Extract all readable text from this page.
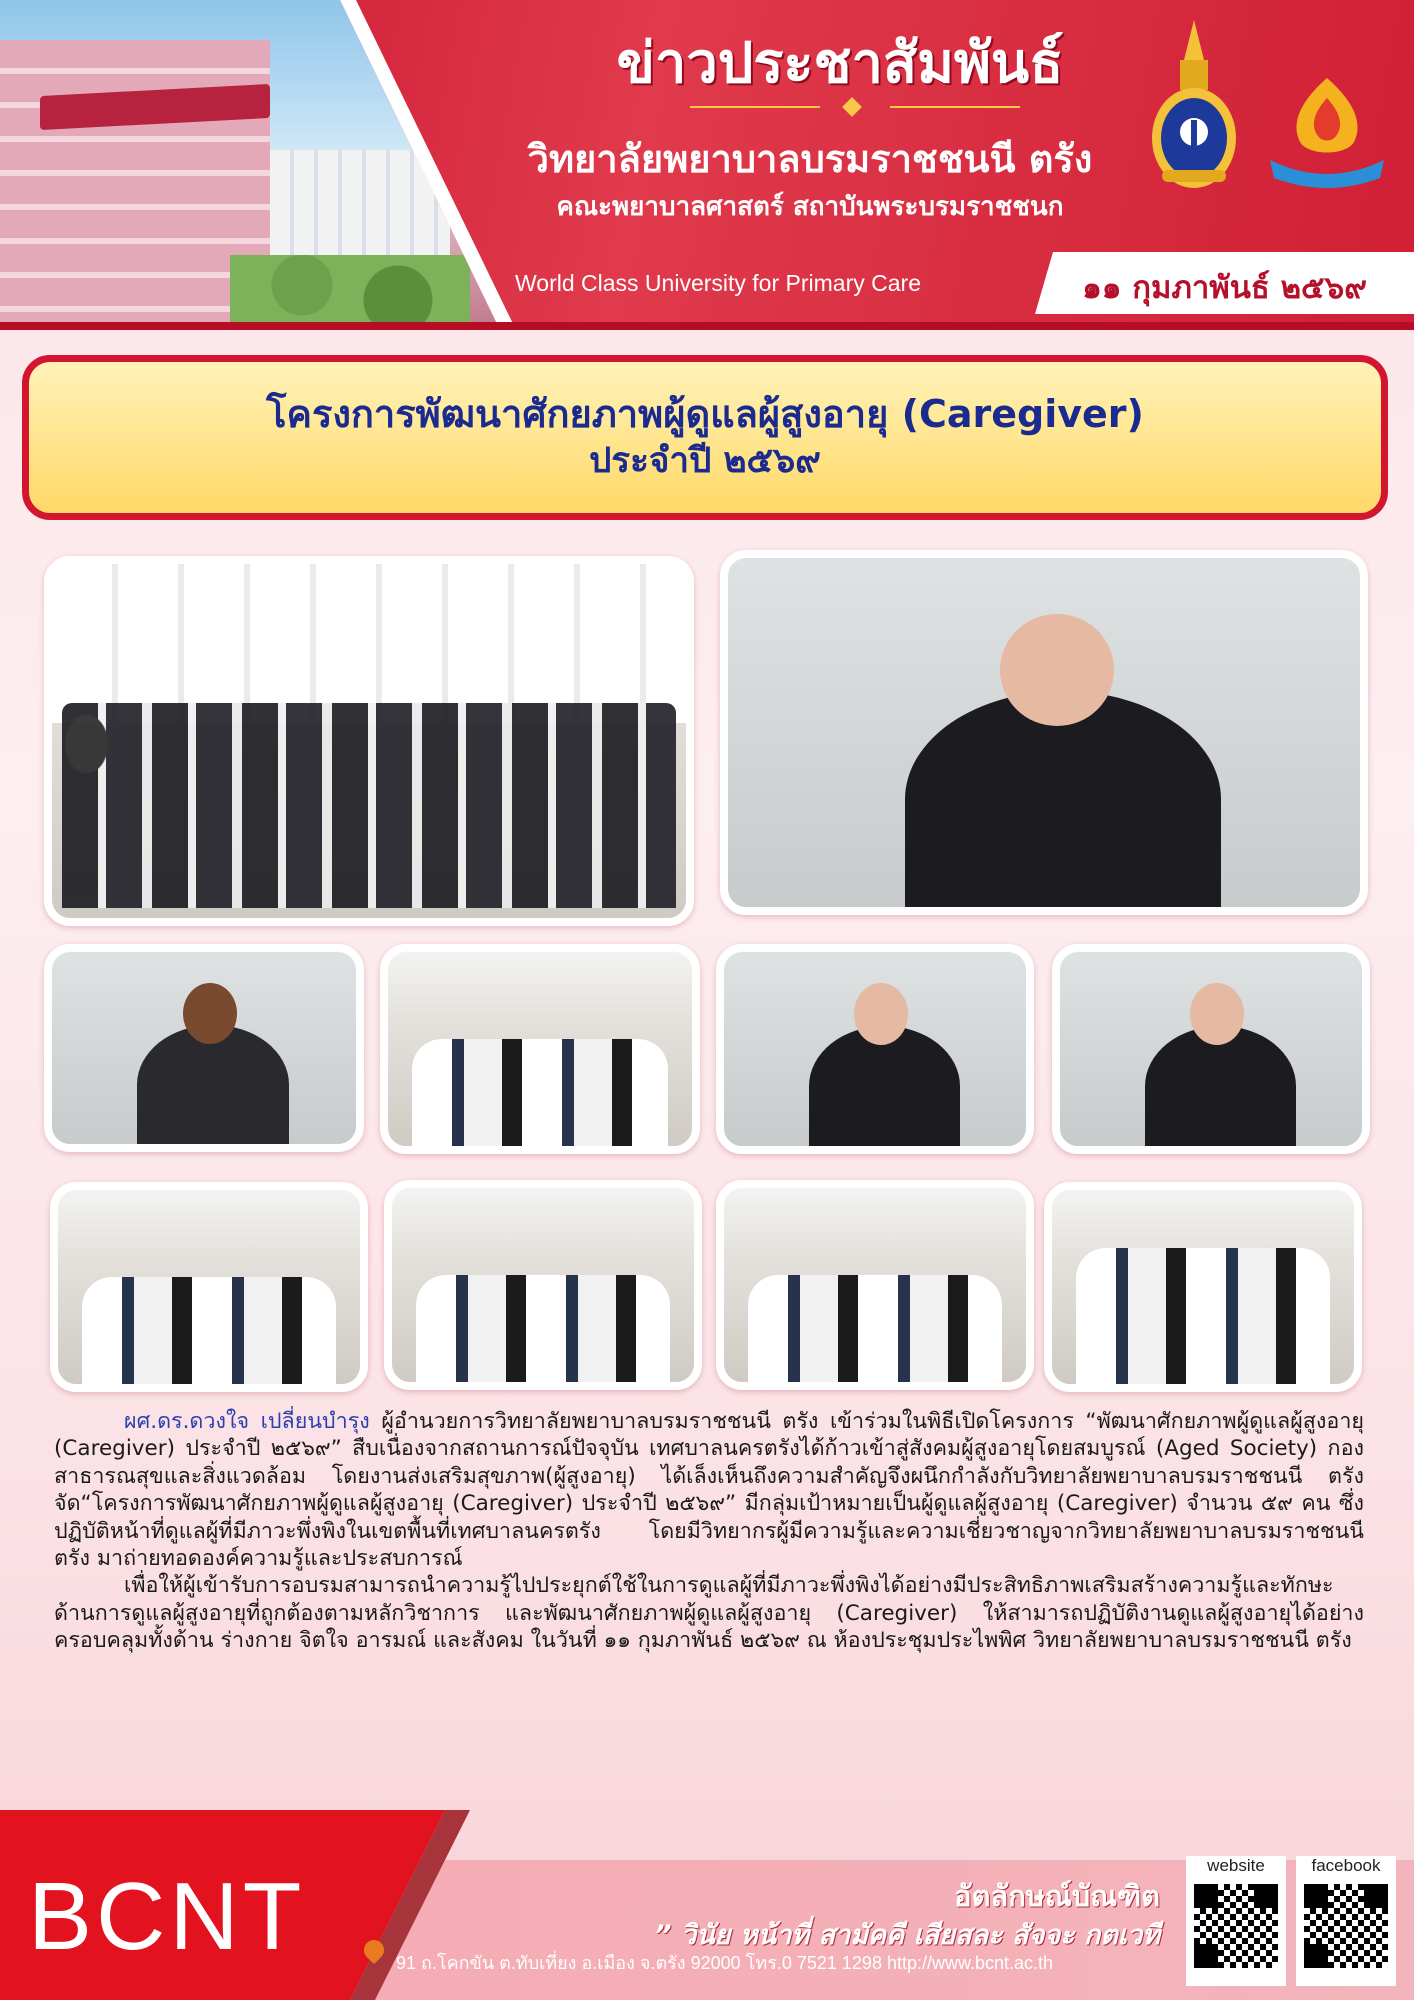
ข่าวประชาสัมพันธ์
วิทยาลัยพยาบาลบรมราชชนนี ตรัง
คณะพยาบาลศาสตร์ สถาบันพระบรมราชชนก
World Class University for Primary Care	๑๑ กุมภาพันธ์ ๒๕๖๙
โครงการพัฒนาศักยภาพผู้ดูแลผู้สูงอายุ (Caregiver)
ประจำปี ๒๕๖๙

ผศ.ดร.ดวงใจ เปลี่ยนบำรุง ผู้อำนวยการวิทยาลัยพยาบาลบรมราชชนนี ตรัง เข้าร่วมในพิธีเปิดโครงการ “พัฒนาศักยภาพผู้ดูแลผู้สูงอายุ (Caregiver) ประจำปี ๒๕๖๙” สืบเนื่องจากสถานการณ์ปัจจุบัน เทศบาลนครตรังได้ก้าวเข้าสู่สังคมผู้สูงอายุโดยสมบูรณ์ (Aged Society) กองสาธารณสุขและสิ่งแวดล้อม โดยงานส่งเสริมสุขภาพ(ผู้สูงอายุ) ได้เล็งเห็นถึงความสำคัญจึงผนึกกำลังกับวิทยาลัยพยาบาลบรมราชชนนี ตรัง จัด“โครงการพัฒนาศักยภาพผู้ดูแลผู้สูงอายุ (Caregiver) ประจำปี ๒๕๖๙” มีกลุ่มเป้าหมายเป็นผู้ดูแลผู้สูงอายุ (Caregiver) จำนวน ๕๙ คน ซึ่งปฏิบัติหน้าที่ดูแลผู้ที่มีภาวะพึ่งพิงในเขตพื้นที่เทศบาลนครตรัง โดยมีวิทยากรผู้มีความรู้และความเชี่ยวชาญจากวิทยาลัยพยาบาลบรมราชชนนี ตรัง มาถ่ายทอดองค์ความรู้และประสบการณ์

เพื่อให้ผู้เข้ารับการอบรมสามารถนำความรู้ไปประยุกต์ใช้ในการดูแลผู้ที่มีภาวะพึ่งพิงได้อย่างมีประสิทธิภาพเสริมสร้างความรู้และทักษะด้านการดูแลผู้สูงอายุที่ถูกต้องตามหลักวิชาการ และพัฒนาศักยภาพผู้ดูแลผู้สูงอายุ (Caregiver) ให้สามารถปฏิบัติงานดูแลผู้สูงอายุได้อย่างครอบคลุมทั้งด้าน ร่างกาย จิตใจ อารมณ์ และสังคม ในวันที่ ๑๑ กุมภาพันธ์ ๒๕๖๙ ณ ห้องประชุมประไพพิศ วิทยาลัยพยาบาลบรมราชชนนี ตรัง

BCNT	อัตลักษณ์บัณฑิต
” วินัย หน้าที่ สามัคคี เสียสละ สัจจะ กตเวที
91 ถ.โคกขัน ต.ทับเที่ยง อ.เมือง จ.ตรัง 92000 โทร.0 7521 1298 http://www.bcnt.ac.th
website	facebook
